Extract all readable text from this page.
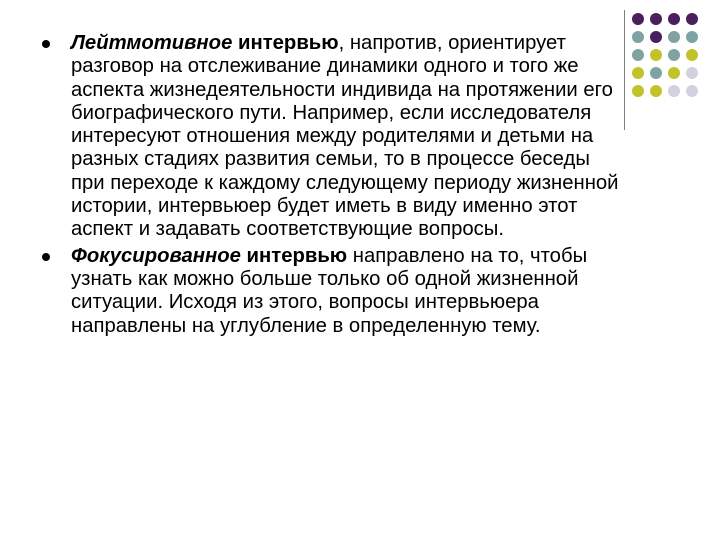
Лейтмотивное интервью, напротив, ориентирует разговор на отслеживание динамики одного и того же аспекта жизнедеятельности индивида на протяжении его биографического пути. Например, если исследователя интересуют отношения между родителями и детьми на разных стадиях развития семьи, то в процессе беседы при переходе к каждому следующему периоду жизненной истории, интервьюер будет иметь в виду именно этот аспект и задавать соответствующие вопросы.
Фокусированное интервью направлено на то, чтобы узнать как можно больше только об одной жизненной ситуации. Исходя из этого, вопросы интервьюера направлены на углубление в определенную тему.
